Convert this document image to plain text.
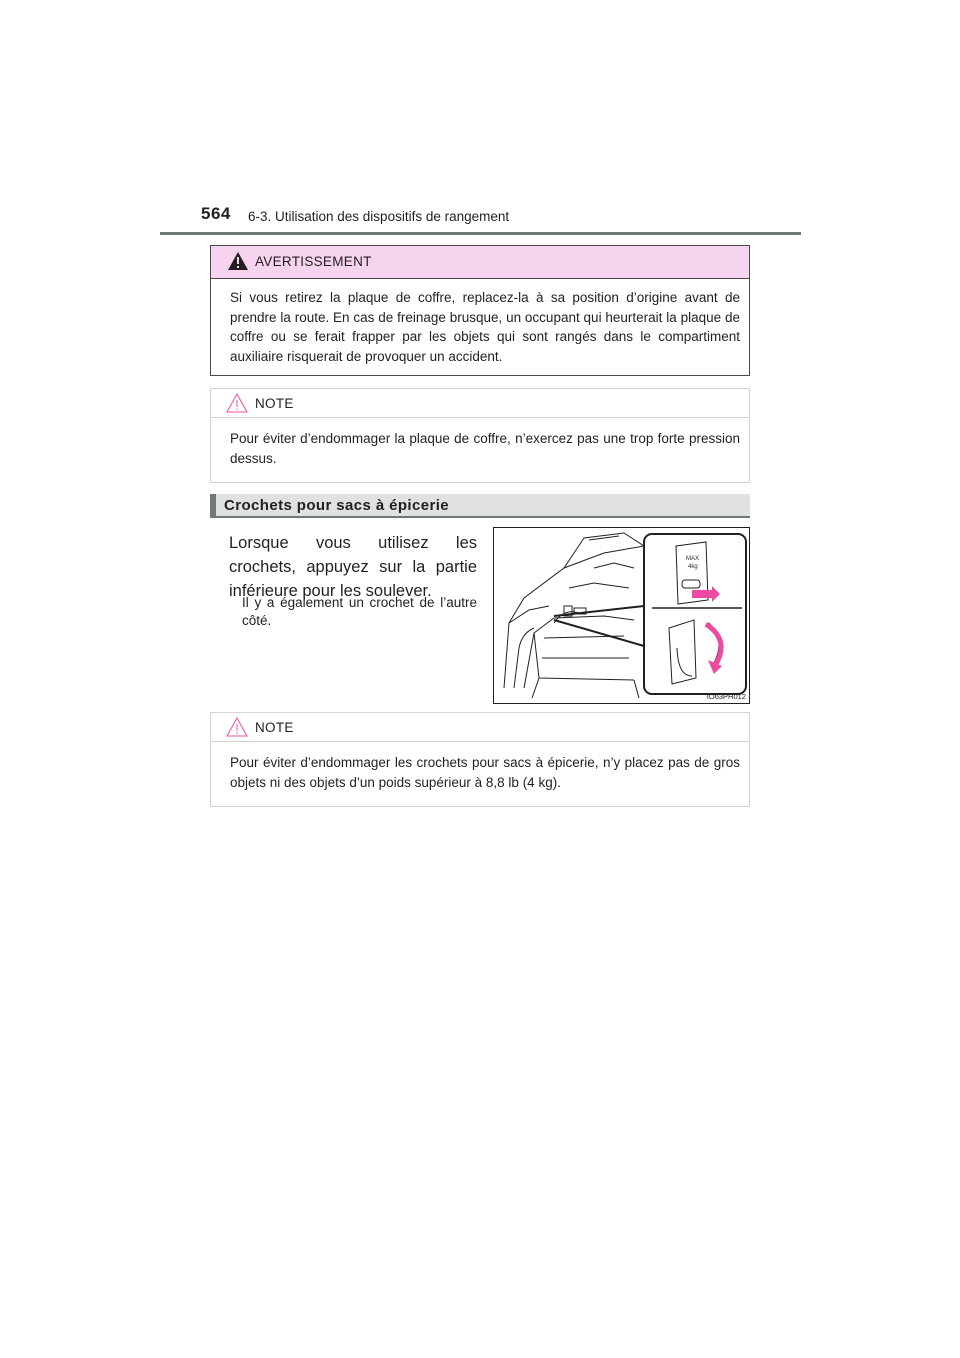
564 6-3. Utilisation des dispositifs de rangement
AVERTISSEMENT
Si vous retirez la plaque de coffre, replacez-la à sa position d’origine avant de prendre la route. En cas de freinage brusque, un occupant qui heurterait la plaque de coffre ou se ferait frapper par les objets qui sont rangés dans le compartiment auxiliaire risquerait de provoquer un accident.
NOTE
Pour éviter d’endommager la plaque de coffre, n’exercez pas une trop forte pression dessus.
Crochets pour sacs à épicerie
Lorsque vous utilisez les crochets, appuyez sur la partie inférieure pour les soulever.
Il y a également un crochet de l’autre côté.
MAX
4kg
IO63PH012
NOTE
Pour éviter d’endommager les crochets pour sacs à épicerie, n’y placez pas de gros objets ni des objets d’un poids supérieur à 8,8 lb (4 kg).
